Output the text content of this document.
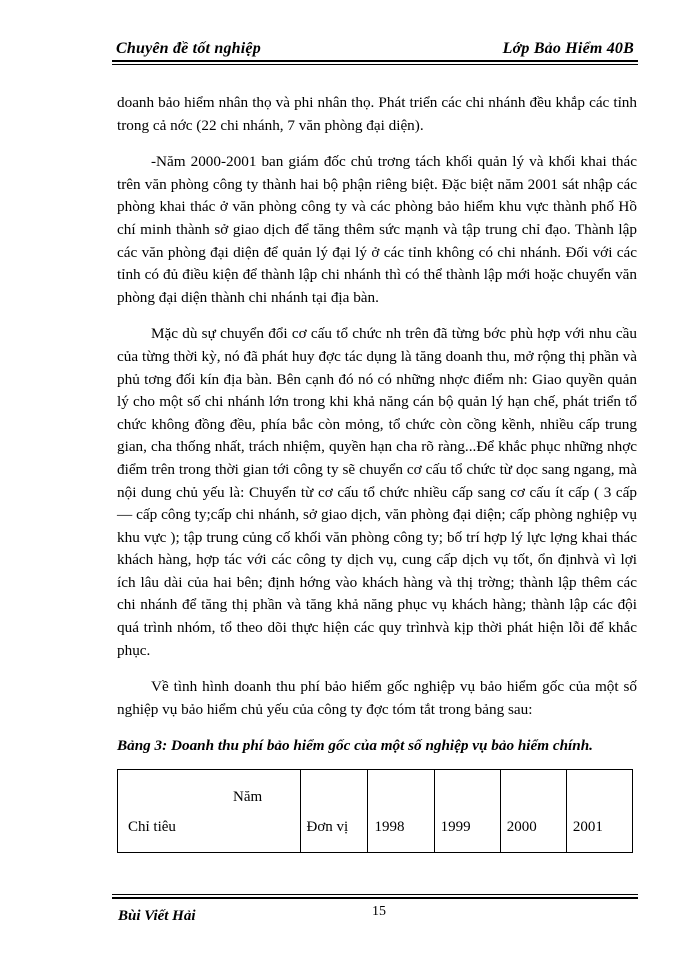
Chuyên đề tốt nghiệp	Lớp Bảo Hiểm 40B

doanh bảo hiểm nhân thọ và phi nhân thọ. Phát triển các chi nhánh đều khắp các tỉnh trong cả nớc (22 chi nhánh, 7 văn phòng đại diện).

-Năm 2000-2001 ban giám đốc chủ trơng tách khối quản lý và khối khai thác trên văn phòng công ty thành hai bộ phận riêng biệt. Đặc biệt năm 2001 sát nhập các phòng khai thác ở văn phòng công ty và các phòng bảo hiểm khu vực thành phố Hồ chí minh thành sở giao dịch để tăng thêm sức mạnh và tập trung chỉ đạo. Thành lập các văn phòng đại diện để quản lý đại lý ở các tỉnh không có chi nhánh. Đối với các tỉnh có đủ điều kiện để thành lập chi nhánh thì có thể thành lập mới hoặc chuyển văn phòng đại diện thành chi nhánh tại địa bàn.

Mặc dù sự chuyển đổi cơ cấu tổ chức nh trên đã từng bớc phù hợp với nhu cầu của từng thời kỳ, nó đã phát huy đợc tác dụng là tăng doanh thu, mở rộng thị phần và phủ tơng đối kín địa bàn. Bên cạnh đó nó có những nhợc điểm nh: Giao quyền quản lý cho một số chi nhánh lớn trong khi khả năng cán bộ quản lý hạn chế, phát triển tổ chức không đồng đều, phía bắc còn mỏng, tổ chức còn cồng kềnh, nhiều cấp trung gian, cha thống nhất, trách nhiệm, quyền hạn cha rõ ràng...Để khắc phục những nhợc điểm trên trong thời gian tới công ty sẽ chuyển cơ cấu tổ chức từ dọc sang ngang, mà nội dung chủ yếu là: Chuyển từ cơ cấu tổ chức nhiều cấp sang cơ cấu ít cấp ( 3 cấp — cấp công ty;cấp chi nhánh, sở giao dịch, văn phòng đại diện; cấp phòng nghiệp vụ khu vực ); tập trung củng cố khối văn phòng công ty; bố trí hợp lý lực lợng khai thác khách hàng, hợp tác với các công ty dịch vụ, cung cấp dịch vụ tốt, ổn địnhvà vì lợi ích lâu dài của hai bên; định hớng vào khách hàng và thị trờng; thành lập thêm các chi nhánh để tăng thị phần và tăng khả năng phục vụ khách hàng; thành lập các đội quá trình nhóm, tổ theo dõi thực hiện các quy trìnhvà kịp thời phát hiện lỗi để khắc phục.

Về tình hình doanh thu phí bảo hiểm gốc nghiệp vụ bảo hiểm gốc của một số nghiệp vụ bảo hiểm chủ yếu của công ty đợc tóm tắt trong bảng sau:

Bảng 3: Doanh thu phí bảo hiểm gốc của một số nghiệp vụ bảo hiểm chính.
Năm
Chỉ tiêu	Đơn vị	1998	1999	2000	2001
Bùi Viết Hải	15
